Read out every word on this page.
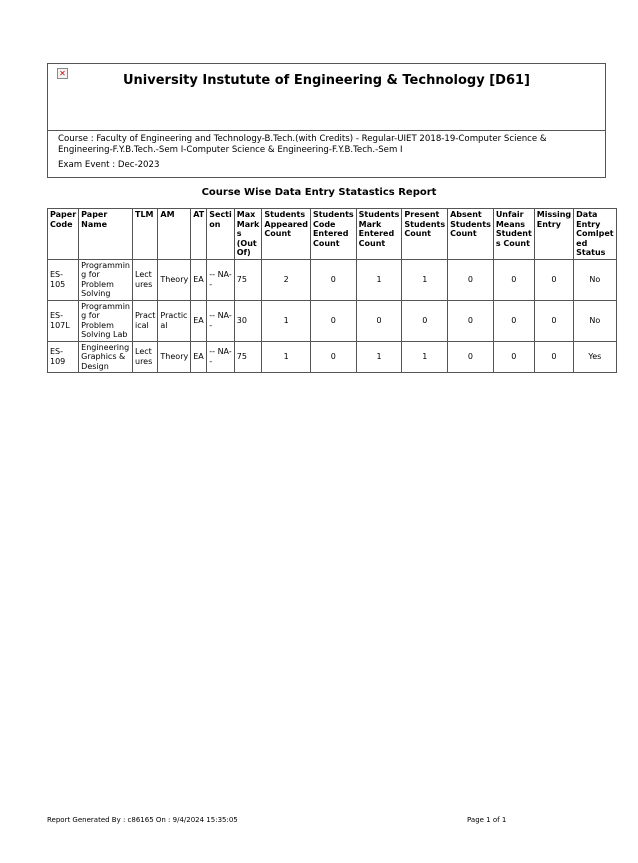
✕	University Instutute of Engineering & Technology [D61]
Course : Faculty of Engineering and Technology-B.Tech.(with Credits) - Regular-UIET 2018-19-Computer Science & Engineering-F.Y.B.Tech.-Sem I-Computer Science & Engineering-F.Y.B.Tech.-Sem I
Exam Event : Dec-2023
Course Wise Data Entry Statastics Report
Paper Code	Paper Name	TLM	AM	AT	Secti on	Max Mark s (Out Of)	Students Appeared Count	Students Code Entered Count	Students Mark Entered Count	Present Students Count	Absent Students Count	Unfair Means Student s Count	Missing Entry	Data Entry Comlpet ed Status
ES-105	Programmin g for Problem Solving	Lect ures	Theory	EA	-- NA--	75	2	0	1	1	0	0	0	No
ES-107L	Programmin g for Problem Solving Lab	Pract ical	Practic al	EA	-- NA--	30	1	0	0	0	0	0	0	No
ES-109	Engineering Graphics & Design	Lect ures	Theory	EA	-- NA--	75	1	0	1	1	0	0	0	Yes
Report Generated By : c86165 On : 9/4/2024 15:35:05	Page 1 of 1
